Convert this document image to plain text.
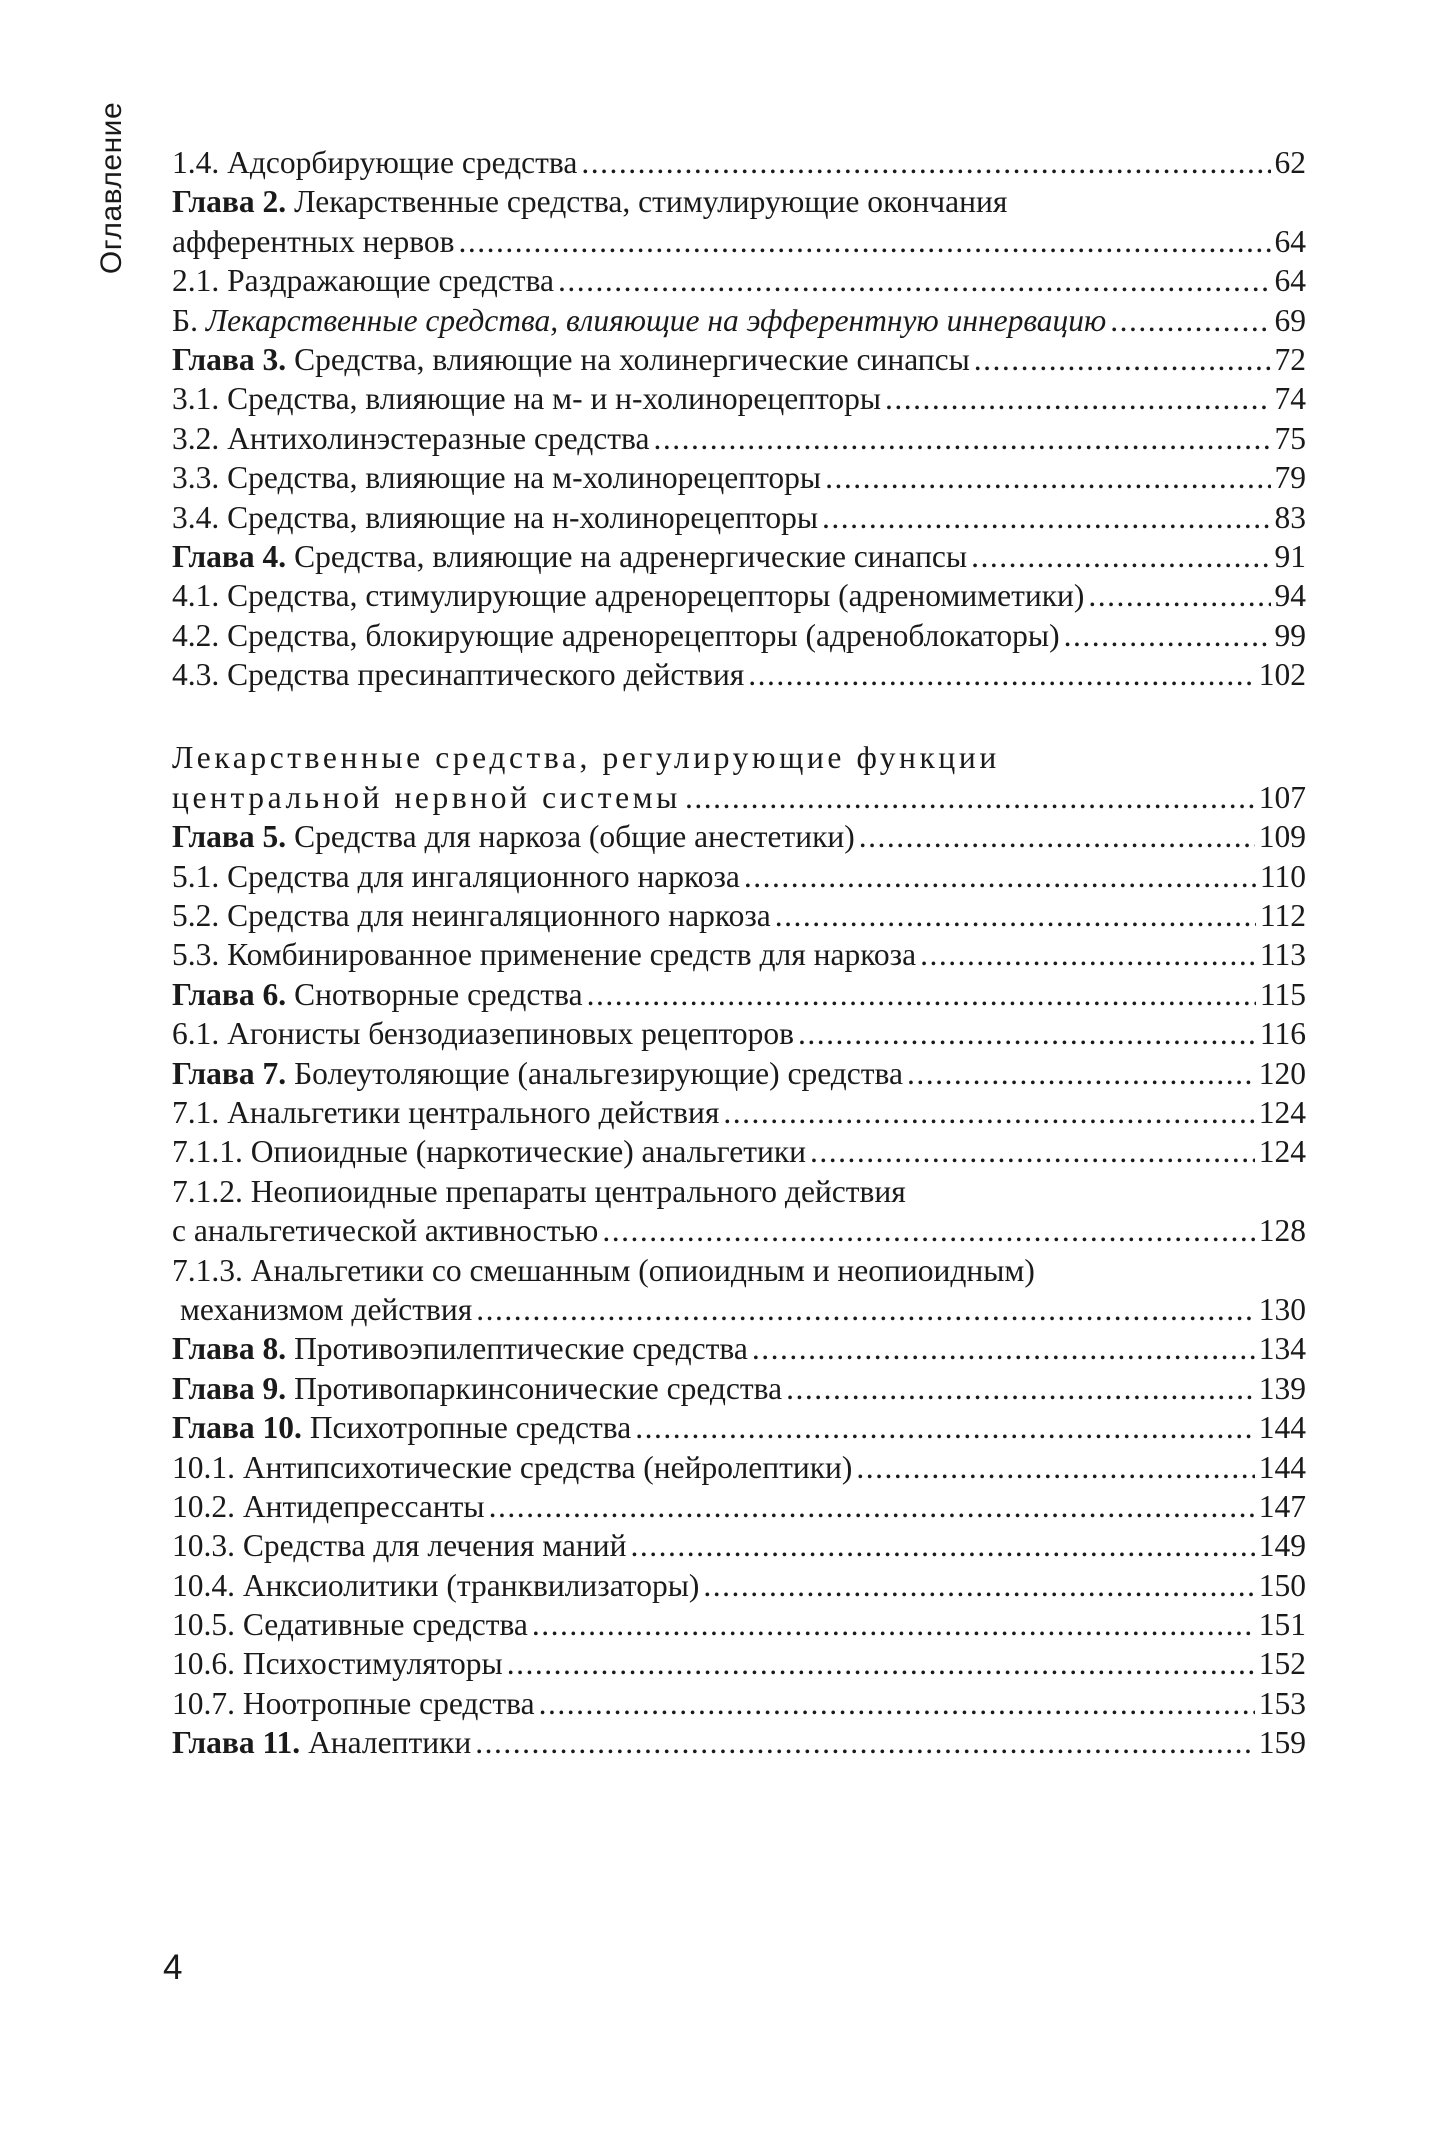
Оглавление 1.4. Адсорбирующие средства .....	62
Глава 2. Лекарственные средства, стимулирующие окончания
афферентных нервов .....	64
2.1. Раздражающие средства .....	64
Б. Лекарственные средства, влияющие на эфферентную иннервацию .....	69
Глава 3. Средства, влияющие на холинергические синапсы .....	72
3.1. Средства, влияющие на м- и н-холинорецепторы .....	74
3.2. Антихолинэстеразные средства .....	75
3.3. Средства, влияющие на м-холинорецепторы .....	79
3.4. Средства, влияющие на н-холинорецепторы .....	83
Глава 4. Средства, влияющие на адренергические синапсы .....	91
4.1. Средства, стимулирующие адренорецепторы (адреномиметики) .....	94
4.2. Средства, блокирующие адренорецепторы (адреноблокаторы) .....	99
4.3. Средства пресинаптического действия .....	102
Лекарственные средства, регулирующие функции
центральной нервной системы .....	107
Глава 5. Средства для наркоза (общие анестетики) .....	109
5.1. Средства для ингаляционного наркоза .....	110
5.2. Средства для неингаляционного наркоза .....	112
5.3. Комбинированное применение средств для наркоза .....	113
Глава 6. Снотворные средства .....	115
6.1. Агонисты бензодиазепиновых рецепторов .....	116
Глава 7. Болеутоляющие (анальгезирующие) средства .....	120
7.1. Анальгетики центрального действия .....	124
7.1.1. Опиоидные (наркотические) анальгетики .....	124
7.1.2. Неопиоидные препараты центрального действия
с анальгетической активностью .....	128
7.1.3. Анальгетики со смешанным (опиоидным и неопиоидным)
механизмом действия .....	130
Глава 8. Противоэпилептические средства .....	134
Глава 9. Противопаркинсонические средства .....	139
Глава 10. Психотропные средства .....	144
10.1. Антипсихотические средства (нейролептики) .....	144
10.2. Антидепрессанты .....	147
10.3. Средства для лечения маний .....	149
10.4. Анксиолитики (транквилизаторы) .....	150
10.5. Седативные средства .....	151
10.6. Психостимуляторы .....	152
10.7. Ноотропные средства .....	153
Глава 11. Аналептики .....	159
4
